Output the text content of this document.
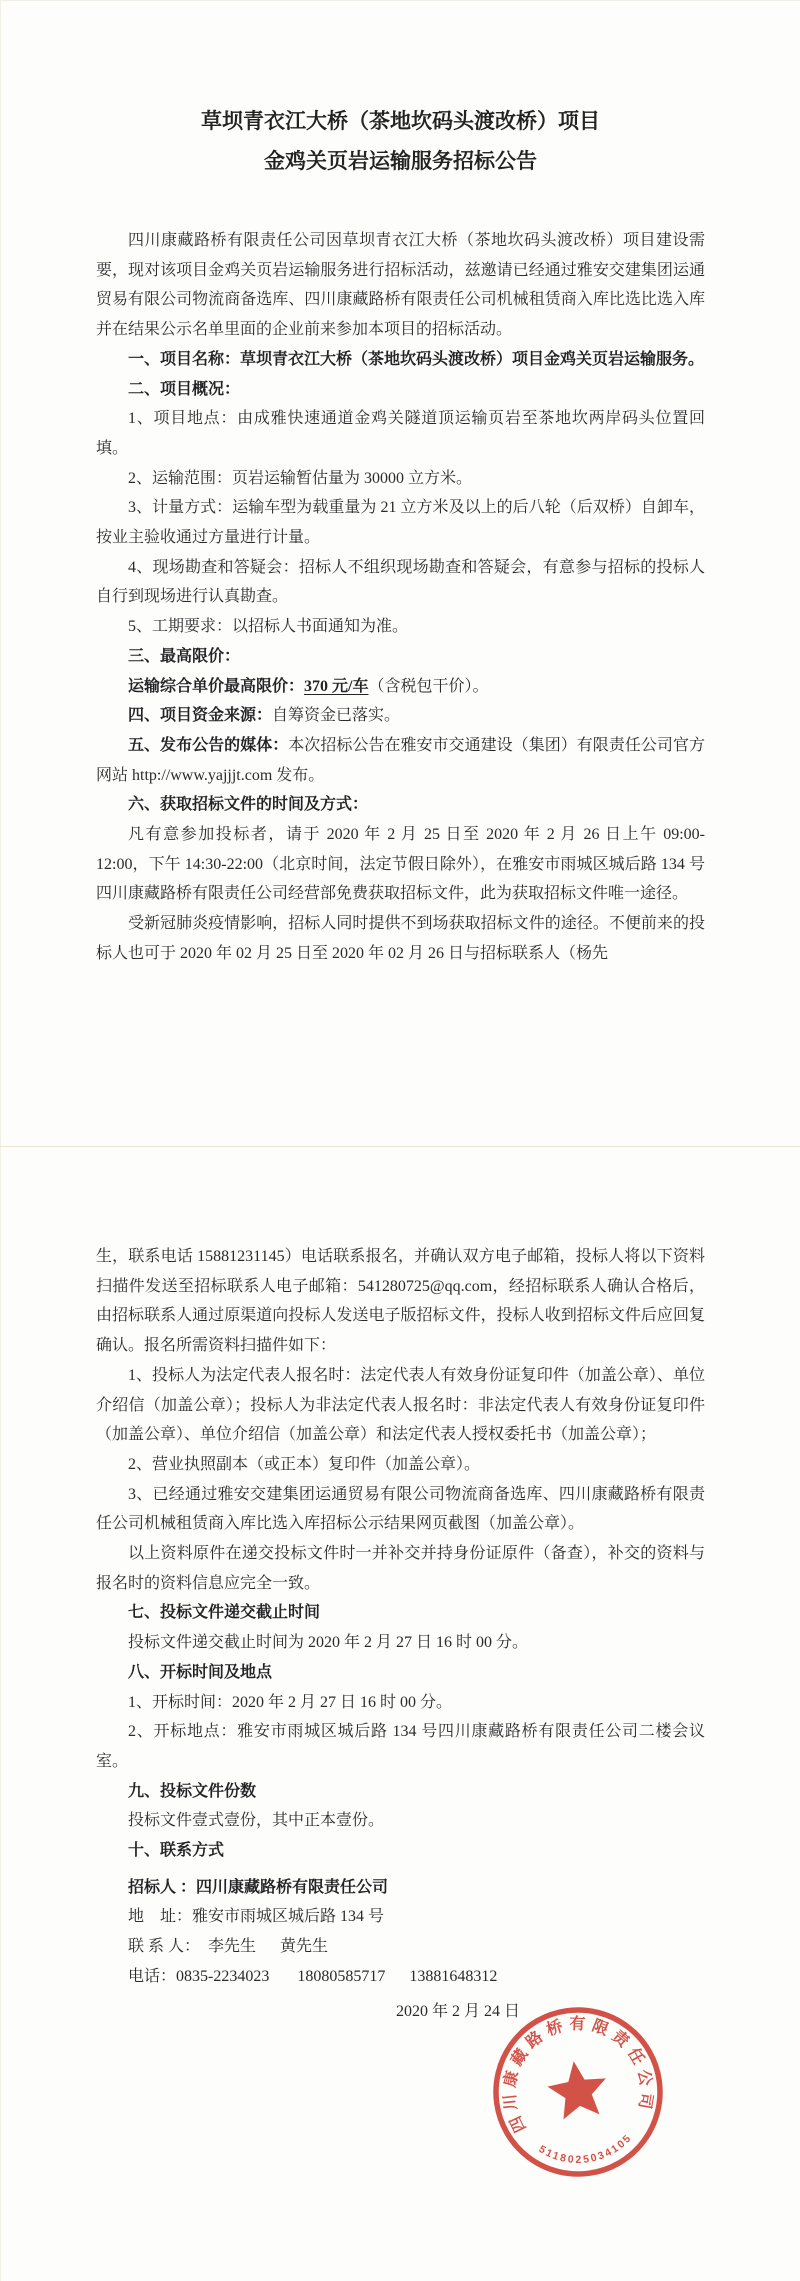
草坝青衣江大桥（茶地坎码头渡改桥）项目

金鸡关页岩运输服务招标公告

四川康藏路桥有限责任公司因草坝青衣江大桥（茶地坎码头渡改桥）项目建设需要，现对该项目金鸡关页岩运输服务进行招标活动，兹邀请已经通过雅安交建集团运通贸易有限公司物流商备选库、四川康藏路桥有限责任公司机械租赁商入库比选比选入库并在结果公示名单里面的企业前来参加本项目的招标活动。

一、项目名称：草坝青衣江大桥（茶地坎码头渡改桥）项目金鸡关页岩运输服务。

二、项目概况：

1、项目地点：由成雅快速通道金鸡关隧道顶运输页岩至茶地坎两岸码头位置回填。

2、运输范围：页岩运输暂估量为 30000 立方米。

3、计量方式：运输车型为载重量为 21 立方米及以上的后八轮（后双桥）自卸车，按业主验收通过方量进行计量。

4、现场勘查和答疑会：招标人不组织现场勘查和答疑会，有意参与招标的投标人自行到现场进行认真勘查。

5、工期要求：以招标人书面通知为准。

三、最高限价：

运输综合单价最高限价：370 元/车（含税包干价）。

四、项目资金来源：自筹资金已落实。

五、发布公告的媒体：本次招标公告在雅安市交通建设（集团）有限责任公司官方网站 http://www.yajjjt.com 发布。

六、获取招标文件的时间及方式：

凡有意参加投标者，请于 2020 年 2 月 25 日至 2020 年 2 月 26 日上午 09:00-12:00，下午 14:30-22:00（北京时间，法定节假日除外），在雅安市雨城区城后路 134 号四川康藏路桥有限责任公司经营部免费获取招标文件，此为获取招标文件唯一途径。

受新冠肺炎疫情影响，招标人同时提供不到场获取招标文件的途径。不便前来的投标人也可于 2020 年 02 月 25 日至 2020 年 02 月 26 日与招标联系人（杨先

生，联系电话 15881231145）电话联系报名，并确认双方电子邮箱，投标人将以下资料扫描件发送至招标联系人电子邮箱：541280725@qq.com，经招标联系人确认合格后，由招标联系人通过原渠道向投标人发送电子版招标文件，投标人收到招标文件后应回复确认。报名所需资料扫描件如下：

1、投标人为法定代表人报名时：法定代表人有效身份证复印件（加盖公章）、单位介绍信（加盖公章）；投标人为非法定代表人报名时：非法定代表人有效身份证复印件（加盖公章）、单位介绍信（加盖公章）和法定代表人授权委托书（加盖公章）；

2、营业执照副本（或正本）复印件（加盖公章）。

3、已经通过雅安交建集团运通贸易有限公司物流商备选库、四川康藏路桥有限责任公司机械租赁商入库比选入库招标公示结果网页截图（加盖公章）。

以上资料原件在递交投标文件时一并补交并持身份证原件（备查），补交的资料与报名时的资料信息应完全一致。

七、投标文件递交截止时间

投标文件递交截止时间为 2020 年 2 月 27 日 16 时 00 分。

八、开标时间及地点

1、开标时间：2020 年 2 月 27 日 16 时 00 分。

2、开标地点：雅安市雨城区城后路 134 号四川康藏路桥有限责任公司二楼会议室。

九、投标文件份数

投标文件壹式壹份，其中正本壹份。

十、联系方式

招标人 ：四川康藏路桥有限责任公司

地    址：雅安市雨城区城后路 134 号

联 系 人：  李先生      黄先生

电话：0835-2234023       18080585717      13881648312

2020 年 2 月 24 日

四川康藏路桥有限责任公司
5118025034105
